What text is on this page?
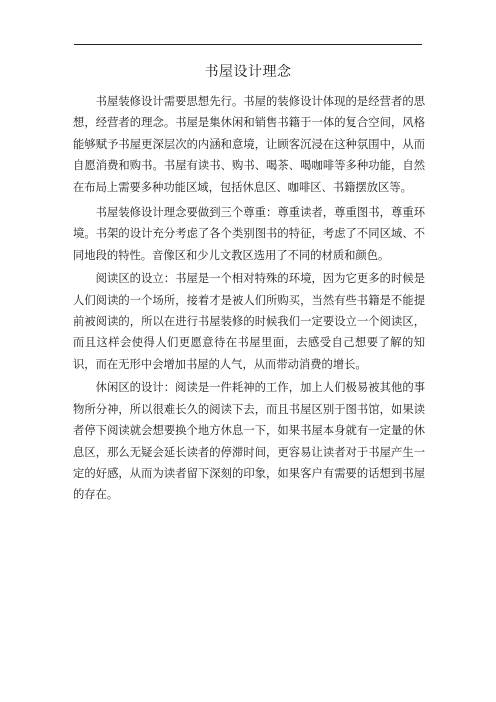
书屋设计理念

书屋装修设计需要思想先行。书屋的装修设计体现的是经营者的思想，经营者的理念。书屋是集休闲和销售书籍于一体的复合空间，风格能够赋予书屋更深层次的内涵和意境，让顾客沉浸在这种氛围中，从而自愿消费和购书。书屋有读书、购书、喝茶、喝咖啡等多种功能，自然在布局上需要多种功能区域，包括休息区、咖啡区、书籍摆放区等。

书屋装修设计理念要做到三个尊重：尊重读者，尊重图书，尊重环境。书架的设计充分考虑了各个类别图书的特征，考虑了不同区域、不同地段的特性。音像区和少儿文教区选用了不同的材质和颜色。

阅读区的设立：书屋是一个相对特殊的环境，因为它更多的时候是人们阅读的一个场所，接着才是被人们所购买，当然有些书籍是不能提前被阅读的，所以在进行书屋装修的时候我们一定要设立一个阅读区，而且这样会使得人们更愿意待在书屋里面，去感受自己想要了解的知识，而在无形中会增加书屋的人气，从而带动消费的增长。

休闲区的设计：阅读是一件耗神的工作，加上人们极易被其他的事物所分神，所以很难长久的阅读下去，而且书屋区别于图书馆，如果读者停下阅读就会想要换个地方休息一下，如果书屋本身就有一定量的休息区，那么无疑会延长读者的停滞时间，更容易让读者对于书屋产生一定的好感，从而为读者留下深刻的印象，如果客户有需要的话想到书屋的存在。
